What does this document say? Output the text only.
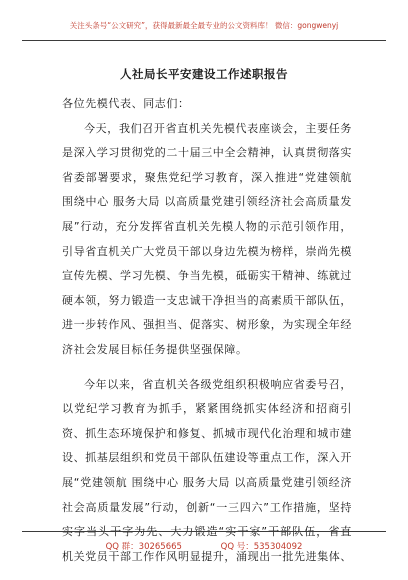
关注头条号“公文研究”，获得最新最全最专业的公文资料库！ 微信：gongwenyj
人社局长平安建设工作述职报告

各位先模代表、同志们：

今天，我们召开省直机关先模代表座谈会，主要任务是深入学习贯彻党的二十届三中全会精神，认真贯彻落实省委部署要求，聚焦党纪学习教育，深入推进“党建领航 围绕中心 服务大局 以高质量党建引领经济社会高质量发展”行动，充分发挥省直机关先模人物的示范引领作用，引导省直机关广大党员干部以身边先模为榜样，崇尚先模宣传先模、学习先模、争当先模，砥砺实干精神、练就过硬本领，努力锻造一支忠诚干净担当的高素质干部队伍，进一步转作风、强担当、促落实、树形象，为实现全年经济社会发展目标任务提供坚强保障。

今年以来，省直机关各级党组织积极响应省委号召，以党纪学习教育为抓手，紧紧围绕抓实体经济和招商引资、抓生态环境保护和修复、抓城市现代化治理和城市建设、抓基层组织和党员干部队伍建设等重点工作，深入开展“党建领航 围绕中心 服务大局 以高质量党建引领经济社会高质量发展”行动，创新“一三四六”工作措施，坚持实字当头干字为先、大力锻造“实干家”干部队伍，省直机关党员干部工作作风明显提升，涌现出一批先进集体、

QQ 群：30265665	QQ 号：535304092
